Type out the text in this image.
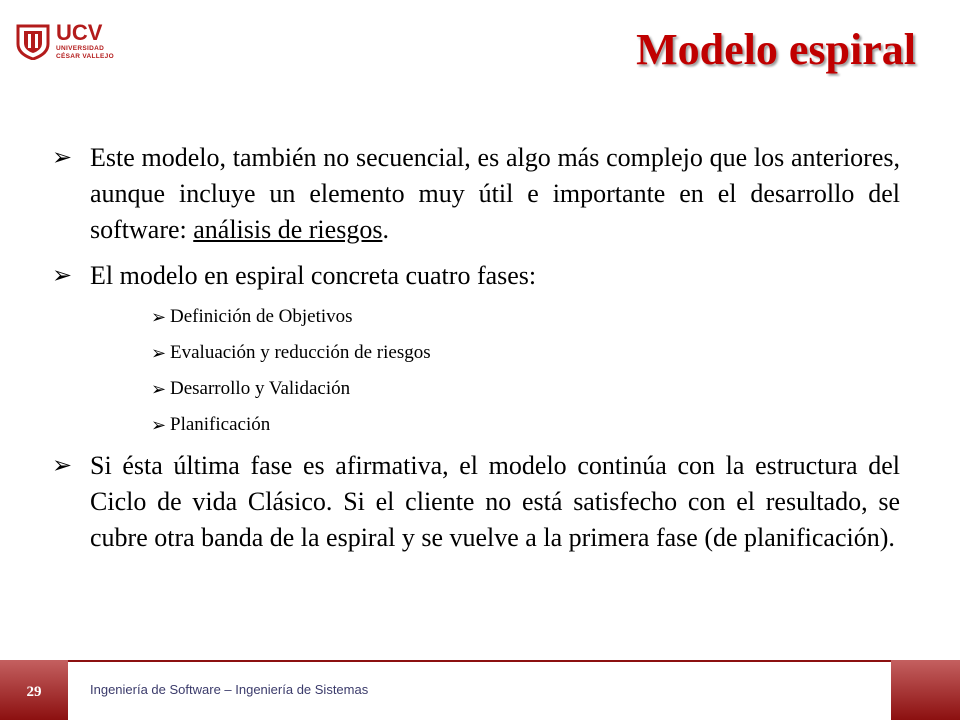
UCV
UNIVERSIDAD
CÉSAR VALLEJO	Modelo espiral

➢ Este modelo, también no secuencial, es algo más complejo que los anteriores, aunque incluye un elemento muy útil e importante en el desarrollo del software: análisis de riesgos.

➢ El modelo en espiral concreta cuatro fases:

➢ Definición de Objetivos

➢ Evaluación y reducción de riesgos

➢ Desarrollo y Validación

➢ Planificación

➢ Si ésta última fase es afirmativa, el modelo continúa con la estructura del Ciclo de vida Clásico. Si el cliente no está satisfecho con el resultado, se cubre otra banda de la espiral y se vuelve a la primera fase (de planificación).

29	Ingeniería de Software – Ingeniería de Sistemas
